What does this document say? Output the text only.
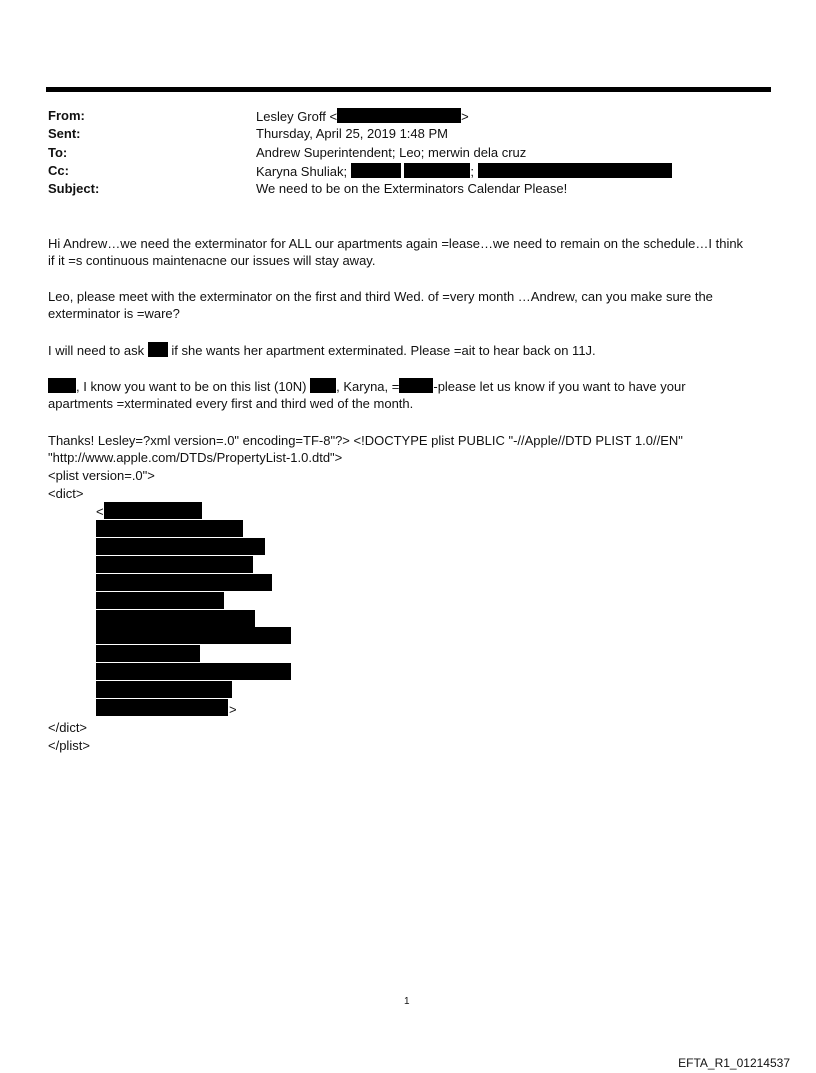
From:	Lesley Groff <	>
Sent:	Thursday, April 25, 2019 1:48 PM
To:	Andrew Superintendent; Leo; merwin dela cruz
Cc:	Karyna Shuliak;	;
Subject:	We need to be on the Exterminators Calendar Please!
Hi Andrew…we need the exterminator for ALL our apartments again =lease…we need to remain on the schedule…I think
if it =s continuous maintenacne our issues will stay away.
Leo, please meet with the exterminator on the first and third Wed. of =very month …Andrew, can you make sure the
exterminator is =ware?
I will need to ask if she wants her apartment exterminated. Please =ait to hear back on 11J.
, I know you want to be on this list (10N) , Karyna, =	-please let us know if you want to have your
apartments =xterminated every first and third wed of the month.
Thanks! Lesley=?xml version=.0" encoding=TF-8"?> <!DOCTYPE plist PUBLIC "-//Apple//DTD PLIST 1.0//EN"
"http://www.apple.com/DTDs/PropertyList-1.0.dtd">
<plist version=.0">
<dict>
<
>
</dict>
</plist>
1
EFTA_R1_01214537
